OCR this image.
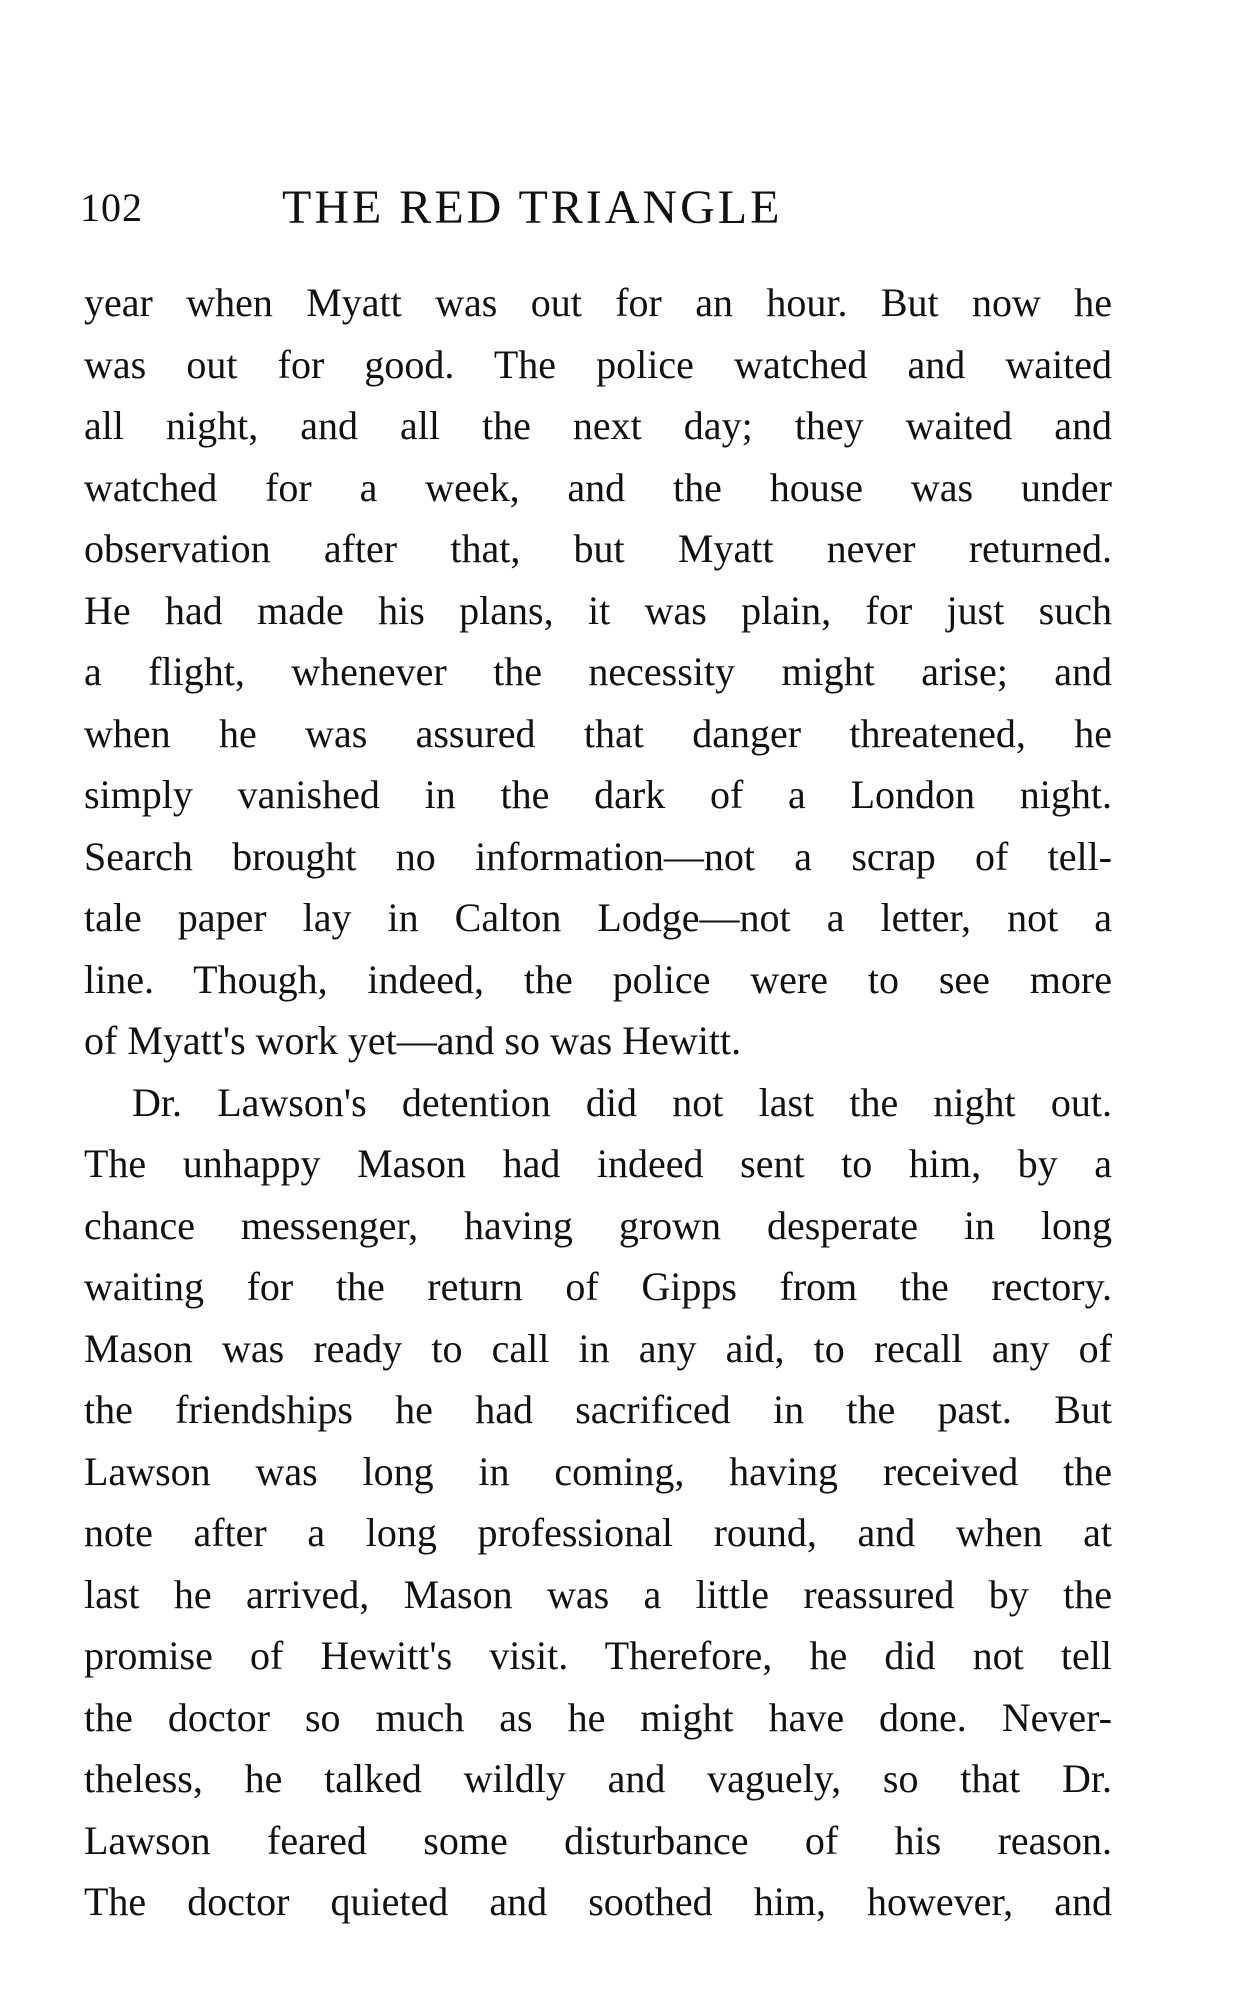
102	THE RED TRIANGLE
year when Myatt was out for an hour. But now he
was out for good. The police watched and waited
all night, and all the next day; they waited and
watched for a week, and the house was under
observation after that, but Myatt never returned.
He had made his plans, it was plain, for just such
a flight, whenever the necessity might arise; and
when he was assured that danger threatened, he
simply vanished in the dark of a London night.
Search brought no information—not a scrap of tell-
tale paper lay in Calton Lodge—not a letter, not a
line. Though, indeed, the police were to see more
of Myatt's work yet—and so was Hewitt.
Dr. Lawson's detention did not last the night out.
The unhappy Mason had indeed sent to him, by a
chance messenger, having grown desperate in long
waiting for the return of Gipps from the rectory.
Mason was ready to call in any aid, to recall any of
the friendships he had sacrificed in the past. But
Lawson was long in coming, having received the
note after a long professional round, and when at
last he arrived, Mason was a little reassured by the
promise of Hewitt's visit. Therefore, he did not tell
the doctor so much as he might have done. Never-
theless, he talked wildly and vaguely, so that Dr.
Lawson feared some disturbance of his reason.
The doctor quieted and soothed him, however, and
